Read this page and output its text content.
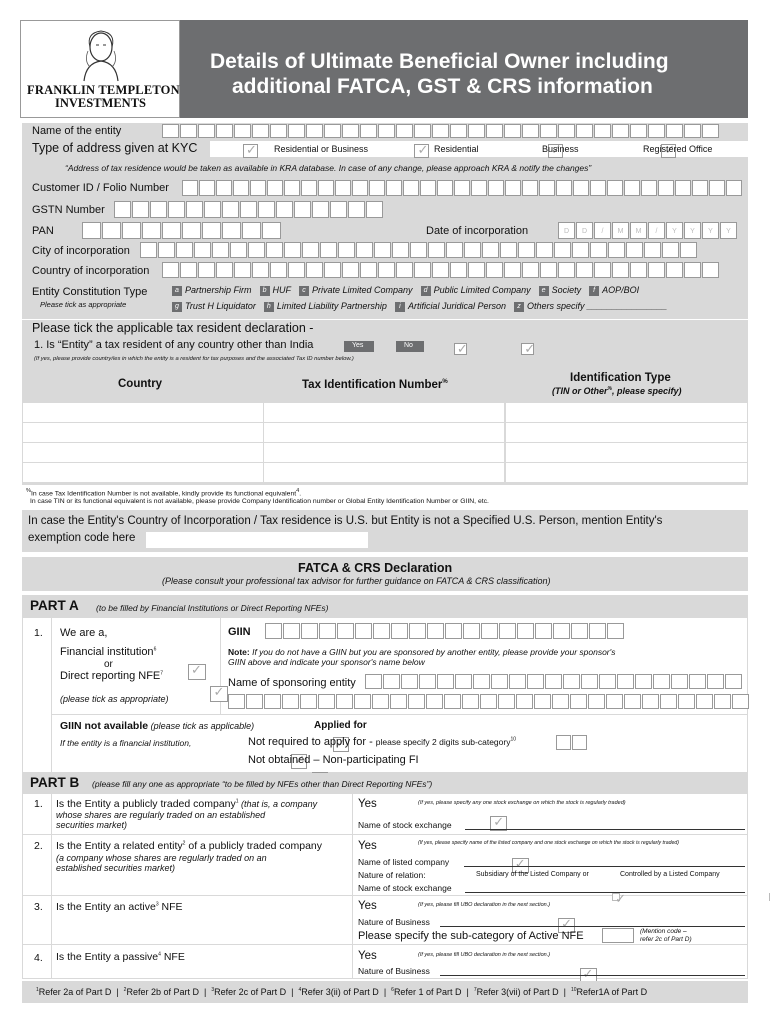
FRANKLIN TEMPLETON
INVESTMENTS
Details of Ultimate Beneficial Owner including
additional FATCA, GST & CRS information
Name of the entity
Type of address given at KYC ✓	Residential or Business ✓	Residential ✓	Business ✓	Registered Office
“Address of tax residence would be taken as available in KRA database. In case of any change, please approach KRA & notify the changes”
Customer ID / Folio Number
GSTN Number
PAN	Date of incorporation	D	D	/	M	M	/	Y	Y	Y	Y
City of incorporation
Country of incorporation
Entity Constitution Type
Please tick as appropriate
a Partnership Firm b HUF c Private Limited Company d Public Limited Company e Society f AOP/BOI
g Trust H Liquidator h Limited Liability Partnership i Artificial Juridical Person z Others specify ________________
Please tick the applicable tax resident declaration -
1. Is “Entity” a tax resident of any country other than India	Yes ✓	No
✓
(If yes, please provide country/ies in which the entity is a resident for tax purposes and the associated Tax ID number below.)
Country	Tax Identification Number%	Identification Type
(TIN or Other%, please specify)
%In case Tax Identification Number is not available, kindly provide its functional equivalent$^4$.
In case TIN or its functional equivalent is not available, please provide Company Identification number or Global Entity Identification Number or GIIN, etc.
In case the Entity's Country of Incorporation / Tax residence is U.S. but Entity is not a Specified U.S. Person, mention Entity's
exemption code here
FATCA & CRS Declaration
(Please consult your professional tax advisor for further guidance on FATCA & CRS classification)
PART A (to be filled by Financial Institutions or Direct Reporting NFEs)
1. We are a,
Financial institution$^6$
✓
or
Direct reporting NFE$^7$
✓
(please tick as appropriate)
GIIN
Note: If you do not have a GIIN but you are sponsored by another entity, please provide your sponsor's
GIIN above and indicate your sponsor's name below
Name of sponsoring entity
GIIN not available (please tick as applicable)
✓	Applied for
If the entity is a financial institution,
✓	Not required to apply for - please specify 2 digits sub-category$^{10}$
✓
Not obtained – Non-participating FI
PART B (please fill any one as appropriate “to be filled by NFEs other than Direct Reporting NFEs”)
1. Is the Entity a publicly traded company$^1$ (that is, a company
whose shares are regularly traded on an established
securities market)
Yes
✓	(If yes, please specify any one stock exchange on which the stock is regularly traded)
Name of stock exchange
2. Is the Entity a related entity$^2$ of a publicly traded company
(a company whose shares are regularly traded on an
established securities market)
Yes
✓	(If yes, please specify name of the listed company and one stock exchange on which the stock is regularly traded)
Name of listed company
Nature of relation:
✓	Subsidiary of the Listed Company or
✓	Controlled by a Listed Company
Name of stock exchange
3. Is the Entity an active$^3$ NFE	Yes
✓	(If yes, please fill UBO declaration in the next section.)
Nature of Business
Please specify the sub-category of Active NFE	(Mention code –
refer 2c of Part D)
4. Is the Entity a passive$^4$ NFE	Yes
✓	(If yes, please fill UBO declaration in the next section.)
Nature of Business
$^1$Refer 2a of Part D  |  $^2$Refer 2b of Part D  |  $^3$Refer 2c of Part D  |  $^4$Refer 3(ii) of Part D  |  $^6$Refer 1 of Part D  |  $^7$Refer 3(vii) of Part D  |  $^{10}$Refer1A of Part D
